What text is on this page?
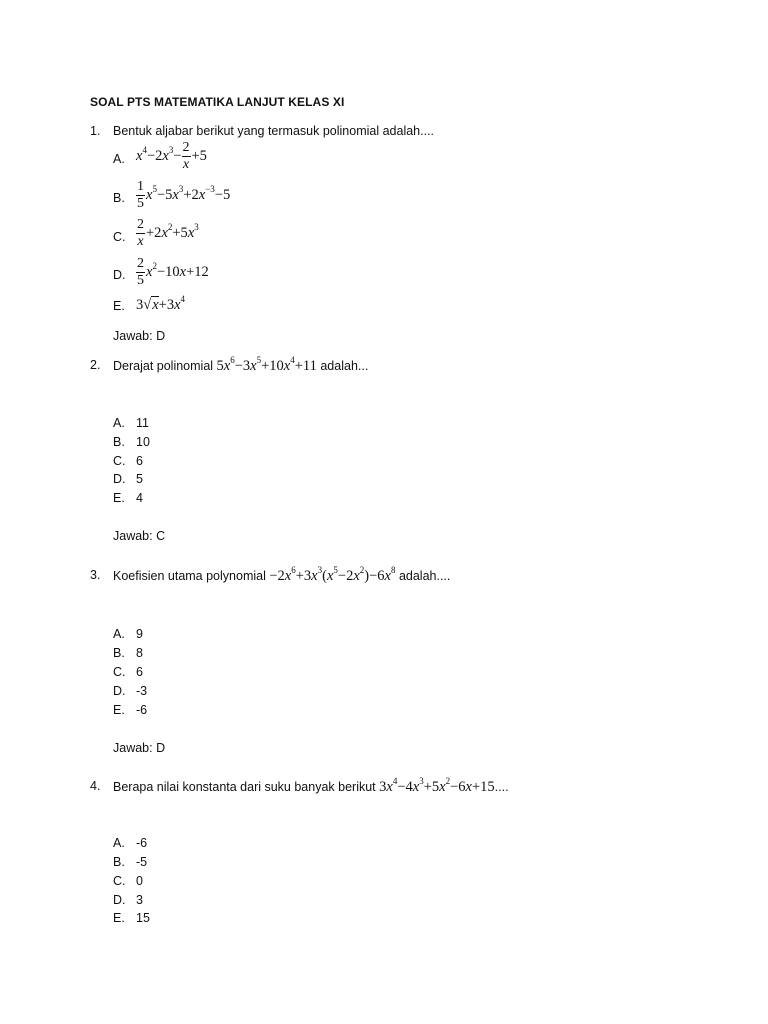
SOAL PTS MATEMATIKA LANJUT KELAS XI
1. Bentuk aljabar berikut yang termasuk polinomial adalah....
A. $x^4-2x^3- \frac{2}{x} +5$
B. $\frac{1}{5} x^5-5x^3+2x^{-3}-5$
C. $\frac{2}{x} +2x^2+5x^3$
D. $\frac{2}{5} x^2-10x+12$
E. $3√x+3x^4$
Jawab: D
2. Derajat polinomial $5x^6-3x^5+10x^4+11$ adalah...
A. 11
B. 10
C. 6
D. 5
E. 4
Jawab: C
3. Koefisien utama polynomial $-2x^6+3x^3(x^5-2x^2)-6x^8$ adalah....
A. 9
B. 8
C. 6
D. -3
E. -6
Jawab: D
4. Berapa nilai konstanta dari suku banyak berikut $3x^4-4x^3+5x^2-6x+15$....
A. -6
B. -5
C. 0
D. 3
E. 15
